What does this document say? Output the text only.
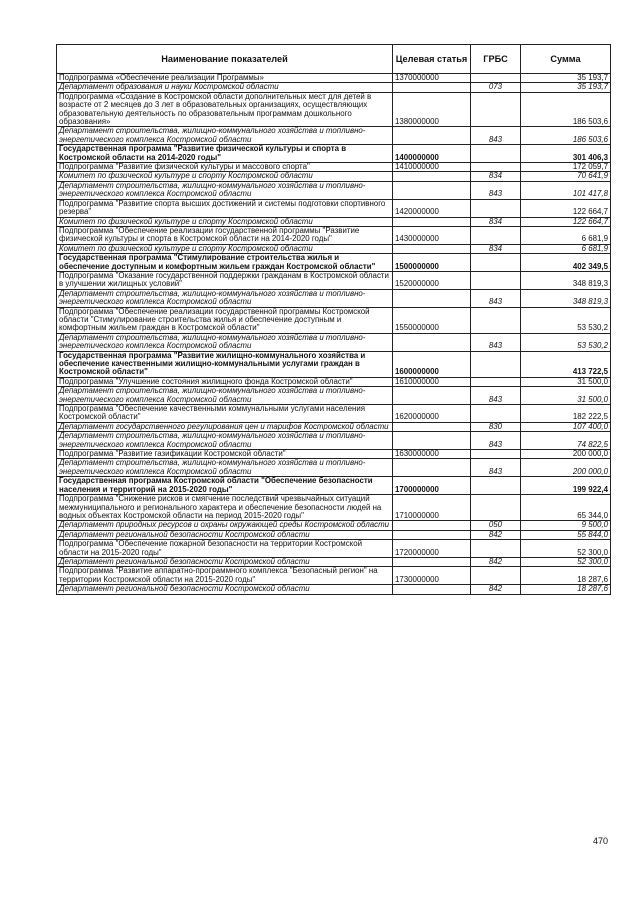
Наименование показателей	Целевая статья	ГРБС	Сумма
Подпрограмма «Обеспечение реализации Программы»	1370000000		35 193,7
Департамент образования и науки Костромской области		073	35 193,7
Подпрограмма «Создание в Костромской области дополнительных мест для детей в возрасте от 2 месяцев до 3 лет в образовательных организациях, осуществляющих образовательную деятельность по образовательным программам дошкольного образования»	1380000000		186 503,6
Департамент строительства, жилищно-коммунального хозяйства и топливно-энергетического комплекса Костромской области		843	186 503,6
Государственная программа "Развитие физической культуры и спорта в Костромской области на 2014-2020 годы"	1400000000		301 406,3
Подпрограмма "Развитие физической культуры и массового спорта"	1410000000		172 059,7
Комитет по физической культуре и спорту Костромской области		834	70 641,9
Департамент строительства, жилищно-коммунального хозяйства и топливно-энергетического комплекса Костромской области		843	101 417,8
Подпрограмма "Развитие спорта высших достижений и системы подготовки спортивного резерва"	1420000000		122 664,7
Комитет по физической культуре и спорту Костромской области		834	122 664,7
Подпрограмма "Обеспечение реализации государственной программы "Развитие физической культуры и спорта в Костромской области на 2014-2020 годы"	1430000000		6 681,9
Комитет по физической культуре и спорту Костромской области		834	6 681,9
Государственная программа "Стимулирование строительства жилья и обеспечение доступным и комфортным жильем граждан Костромской области"	1500000000		402 349,5
Подпрограмма "Оказание государственной поддержки гражданам в Костромской области в улучшении жилищных условий"	1520000000		348 819,3
Департамент строительства, жилищно-коммунального хозяйства и топливно-энергетического комплекса Костромской области		843	348 819,3
Подпрограмма "Обеспечение реализации государственной программы Костромской области "Стимулирование строительства жилья и обеспечение доступным и комфортным жильем граждан в Костромской области"	1550000000		53 530,2
Департамент строительства, жилищно-коммунального хозяйства и топливно-энергетического комплекса Костромской области		843	53 530,2
Государственная программа "Развитие жилищно-коммунального хозяйства и обеспечение качественными жилищно-коммунальными услугами граждан в Костромской области"	1600000000		413 722,5
Подпрограмма "Улучшение состояния жилищного фонда Костромской области"	1610000000		31 500,0
Департамент строительства, жилищно-коммунального хозяйства и топливно-энергетического комплекса Костромской области		843	31 500,0
Подпрограмма "Обеспечение качественными коммунальными услугами населения Костромской области"	1620000000		182 222,5
Департамент государственного регулирования цен и тарифов Костромской области		830	107 400,0
Департамент строительства, жилищно-коммунального хозяйства и топливно-энергетического комплекса Костромской области		843	74 822,5
Подпрограмма "Развитие газификации Костромской области"	1630000000		200 000,0
Департамент строительства, жилищно-коммунального хозяйства и топливно-энергетического комплекса Костромской области		843	200 000,0
Государственная программа Костромской области "Обеспечение безопасности населения и территорий на 2015-2020 годы"	1700000000		199 922,4
Подпрограмма "Снижение рисков и смягчение последствий чрезвычайных ситуаций межмуниципального и регионального характера и обеспечение безопасности людей на водных объектах Костромской области на период 2015-2020 годы"	1710000000		65 344,0
Департамент природных ресурсов и охраны окружающей среды Костромской области		050	9 500,0
Департамент региональной безопасности Костромской области		842	55 844,0
Подпрограмма "Обеспечение пожарной безопасности на территории Костромской области на 2015-2020 годы"	1720000000		52 300,0
Департамент региональной безопасности Костромской области		842	52 300,0
Подпрограмма "Развитие аппаратно-программного комплекса "Безопасный регион" на территории Костромской области на 2015-2020 годы"	1730000000		18 287,6
Департамент региональной безопасности Костромской области		842	18 287,6
470
